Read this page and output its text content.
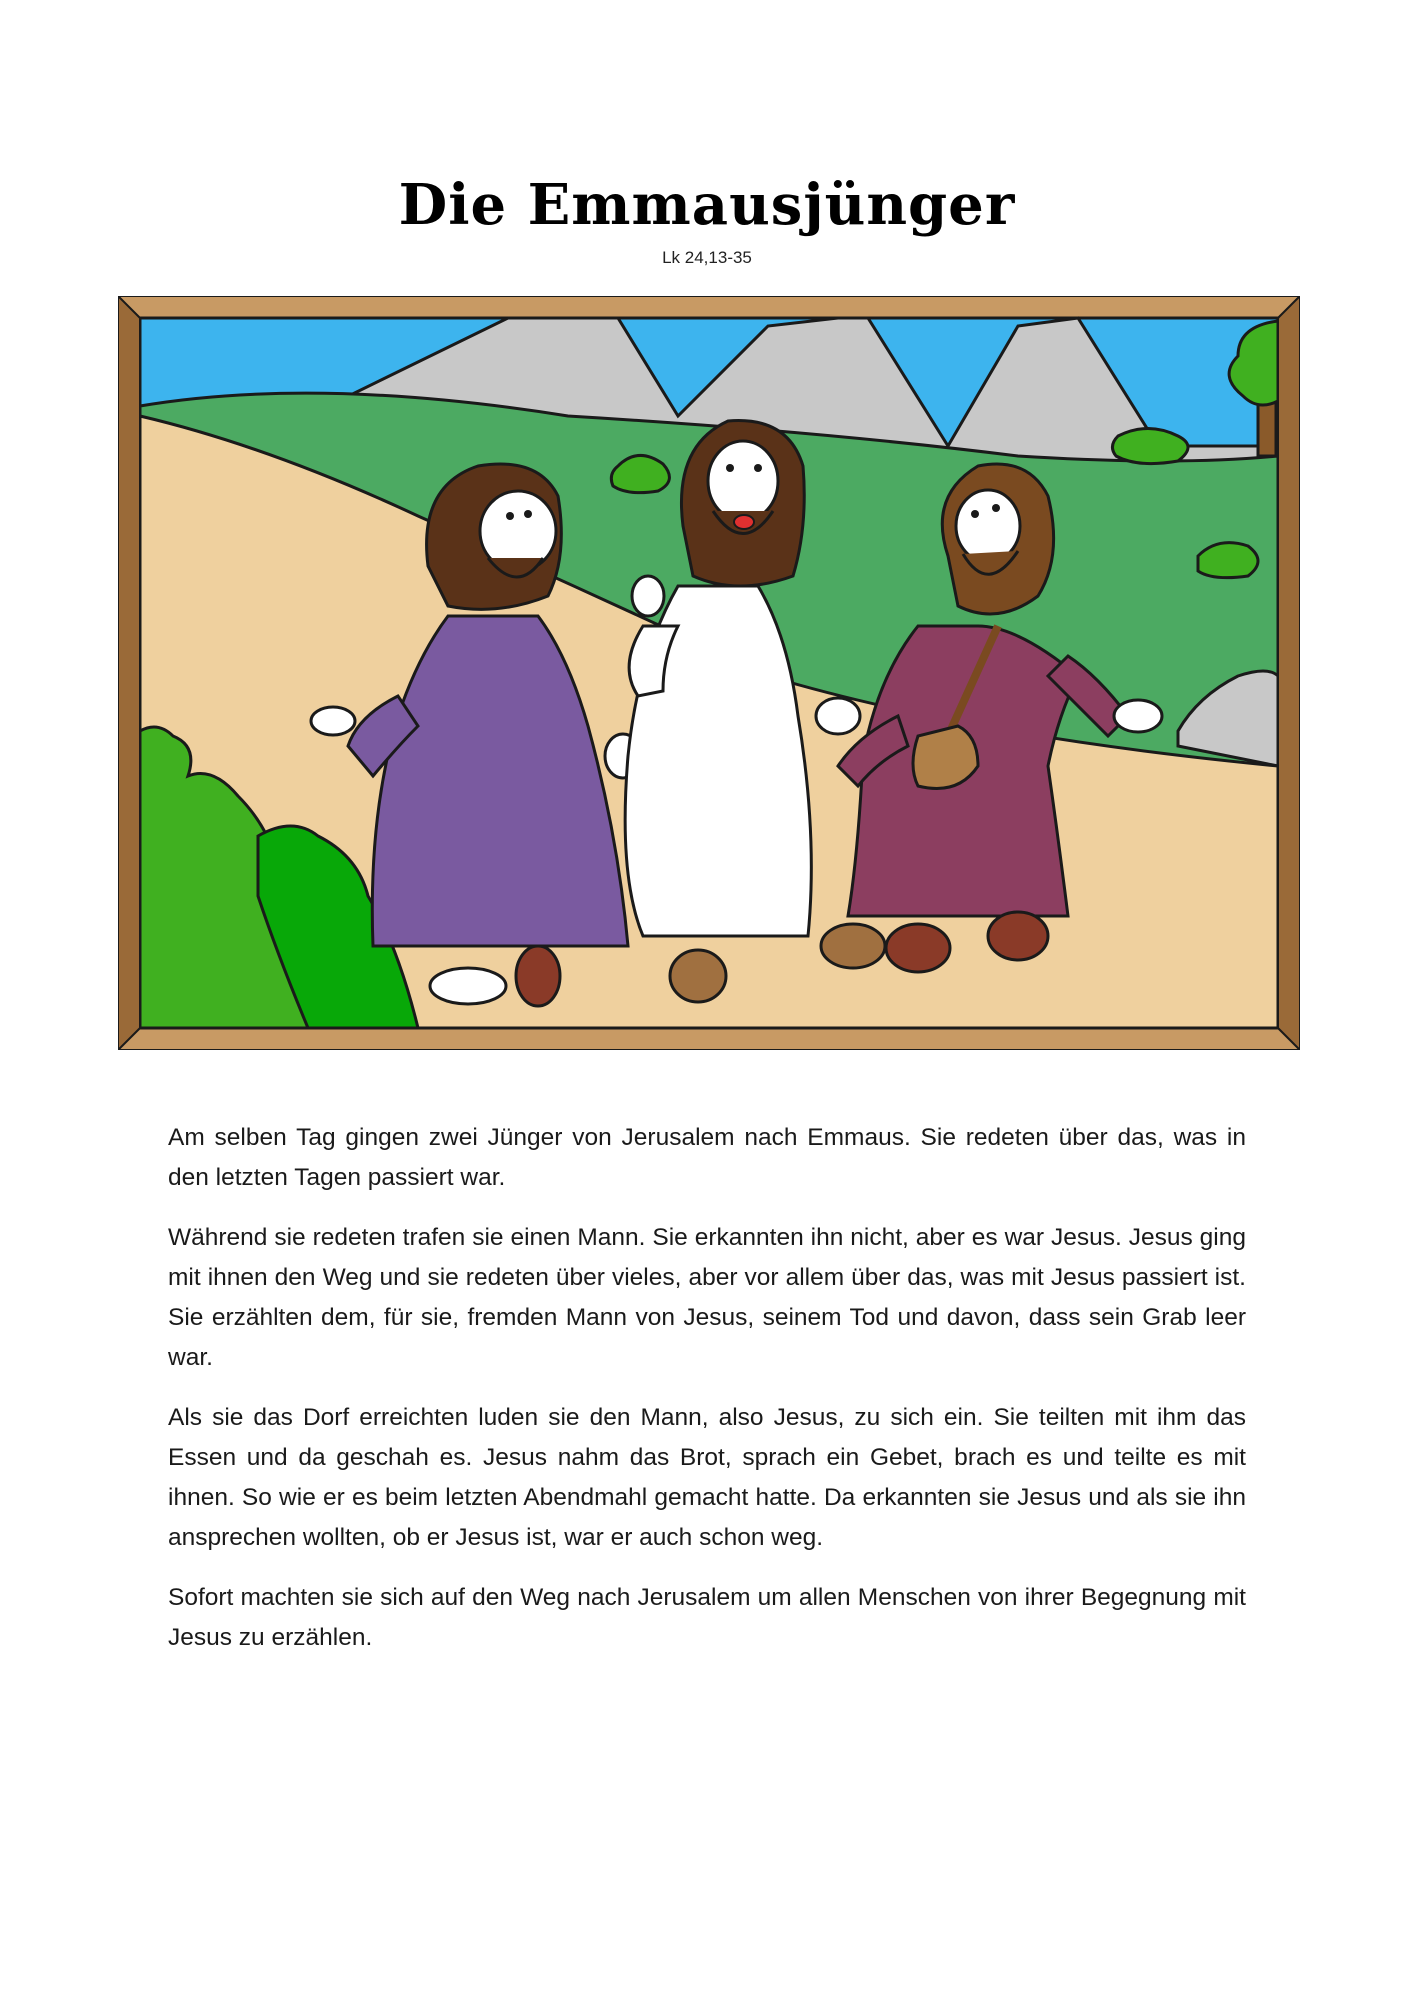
Die Emmausjünger
Lk 24,13-35

Am selben Tag gingen zwei Jünger von Jerusalem nach Emmaus. Sie redeten über das, was in den letzten Tagen passiert war.

Während sie redeten trafen sie einen Mann. Sie erkannten ihn nicht, aber es war Jesus. Jesus ging mit ihnen den Weg und sie redeten über vieles, aber vor allem über das, was mit Jesus passiert ist. Sie erzählten dem, für sie, fremden Mann von Jesus, seinem Tod und davon, dass sein Grab leer war.

Als sie das Dorf erreichten luden sie den Mann, also Jesus, zu sich ein. Sie teilten mit ihm das Essen und da geschah es. Jesus nahm das Brot, sprach ein Gebet, brach es und teilte es mit ihnen. So wie er es beim letzten Abendmahl gemacht hatte. Da erkannten sie Jesus und als sie ihn ansprechen wollten, ob er Jesus ist, war er auch schon weg.

Sofort machten sie sich auf den Weg nach Jerusalem um allen Menschen von ihrer Begegnung mit Jesus zu erzählen.
